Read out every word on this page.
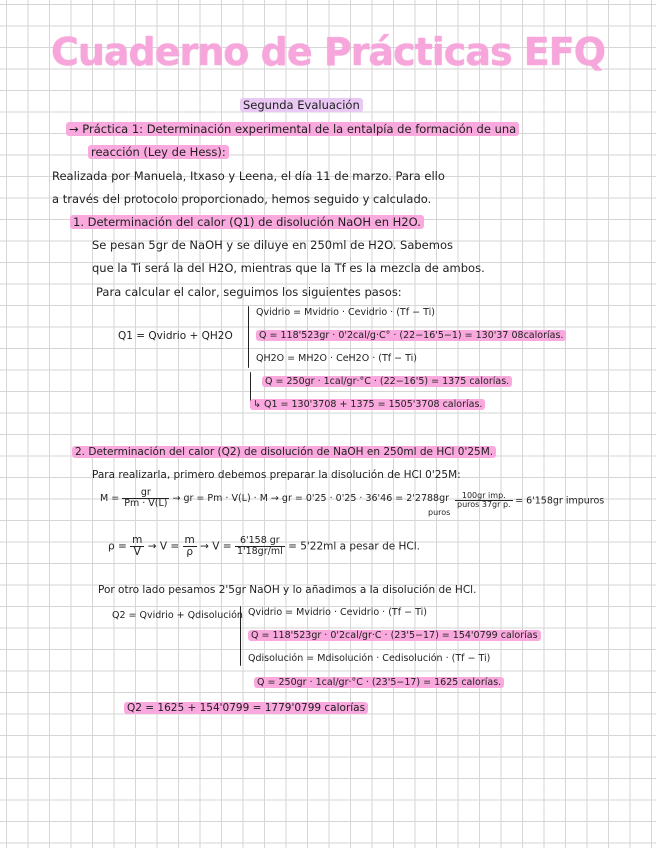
Cuaderno de Prácticas EFQ
Segunda Evaluación
→ Práctica 1: Determinación experimental de la entalpía de formación de una
reacción (Ley de Hess):
Realizada por Manuela, Itxaso y Leena, el día 11 de marzo. Para ello
a través del protocolo proporcionado, hemos seguido y calculado.
1. Determinación del calor (Q1) de disolución NaOH en H2O.
Se pesan 5gr de NaOH y se diluye en 250ml de H2O. Sabemos
que la Ti será la del H2O, mientras que la Tf es la mezcla de ambos.
Para calcular el calor, seguimos los siguientes pasos:
Q1 = Qvidrio + QH2O
Qvidrio = Mvidrio · Cevidrio · (Tf − Ti)
Q = 118'523gr · 0'2cal/g·C° · (22−16'5−1) = 130'37 08calorías.
QH2O = MH2O · CeH2O · (Tf − Ti)
Q = 250gr · 1cal/gr·°C · (22−16'5) = 1375 calorías.
↳ Q1 = 130'3708 + 1375 = 1505'3708 calorías.
2. Determinación del calor (Q2) de disolución de NaOH en 250ml de HCl 0'25M.
Para realizarla, primero debemos preparar la disolución de HCl 0'25M:
$M = \frac{gr}{Pm \cdot V(L)}$ → gr = Pm · V(L) · M → gr = $0'25 \cdot 0'25 \cdot 36'46 = 2'2788gr \frac{\text{100gr imp.}}{\text{puros 37gr p.}} = 6'158gr$ impuros
puros
$\rho = \frac{m}{V} \to V = \frac{m}{\rho} \to V = \frac{6'158 gr}{1'18gr/ml} = 5'22ml$ a pesar de HCl.
Por otro lado pesamos 2'5gr NaOH y lo añadimos a la disolución de HCl.
Q2 = Qvidrio + Qdisolución Qvidrio = Mvidrio · Cevidrio · (Tf − Ti)
Q = 118'523gr · 0'2cal/gr·C · (23'5−17) = 154'0799 calorías
Qdisolución = Mdisolución · Cedisolución · (Tf − Ti)
Q = 250gr · 1cal/gr·°C · (23'5−17) = 1625 calorías.
Q2 = 1625 + 154'0799 = 1779'0799 calorías
